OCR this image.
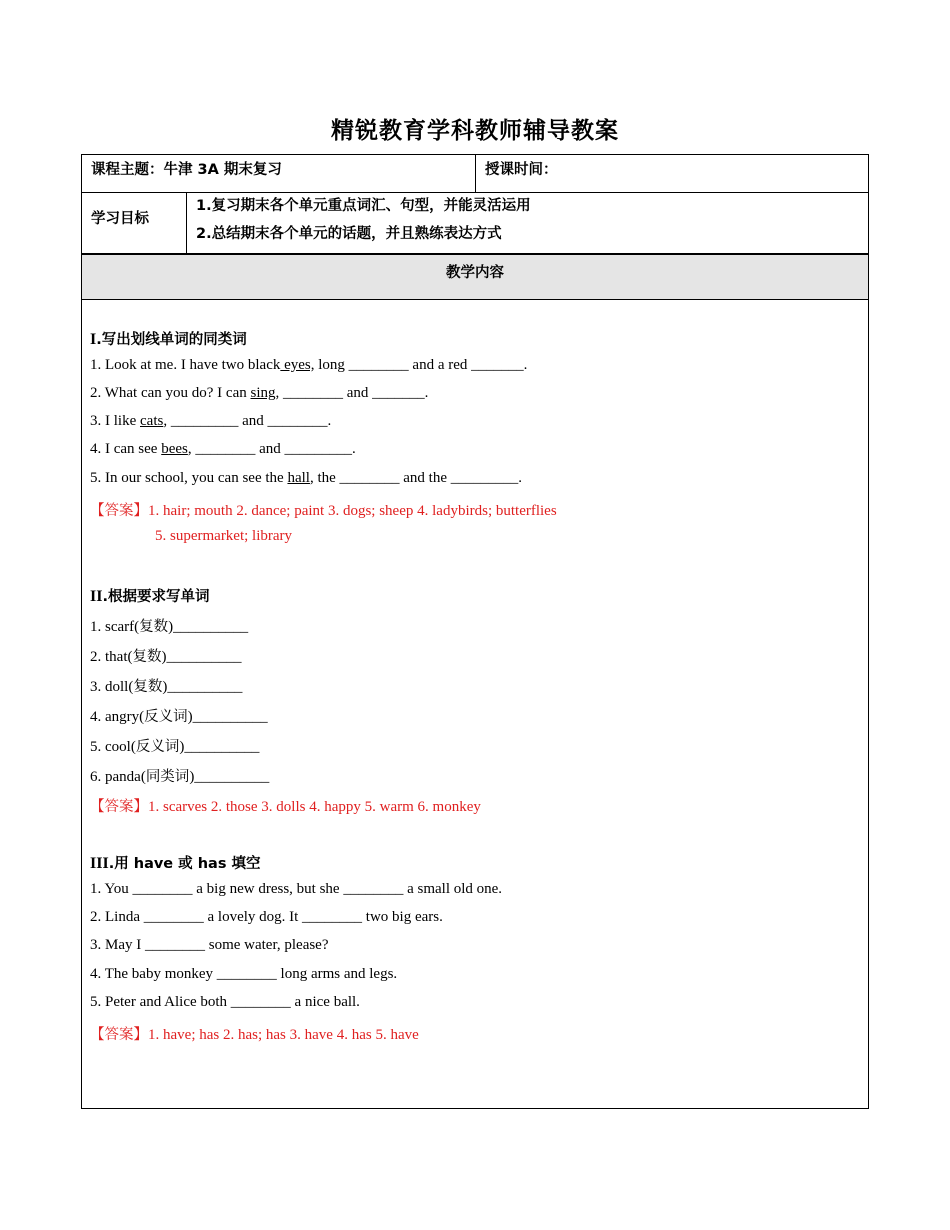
精锐教育学科教师辅导教案
课程主题：牛津 3A 期末复习	授课时间：
学习目标
1.复习期末各个单元重点词汇、句型，并能灵活运用
2.总结期末各个单元的话题，并且熟练表达方式
教学内容
I.写出划线单词的同类词
1. Look at me. I have two black eyes, long ________ and a red _______.
2. What can you do? I can sing, ________ and _______.
3. I like cats, _________ and ________.
4. I can see bees, ________ and _________.
5. In our school, you can see the hall, the ________ and the _________.
【答案】1. hair; mouth 2. dance; paint 3. dogs; sheep 4. ladybirds; butterflies
5. supermarket; library
II.根据要求写单词
1. scarf(复数)__________
2. that(复数)__________
3. doll(复数)__________
4. angry(反义词)__________
5. cool(反义词)__________
6. panda(同类词)__________
【答案】1. scarves 2. those 3. dolls 4. happy 5. warm 6. monkey
III.用 have 或 has 填空
1. You ________ a big new dress, but she ________ a small old one.
2. Linda ________ a lovely dog. It ________ two big ears.
3. May I ________ some water, please?
4. The baby monkey ________ long arms and legs.
5. Peter and Alice both ________ a nice ball.
【答案】1. have; has 2. has; has 3. have 4. has 5. have
